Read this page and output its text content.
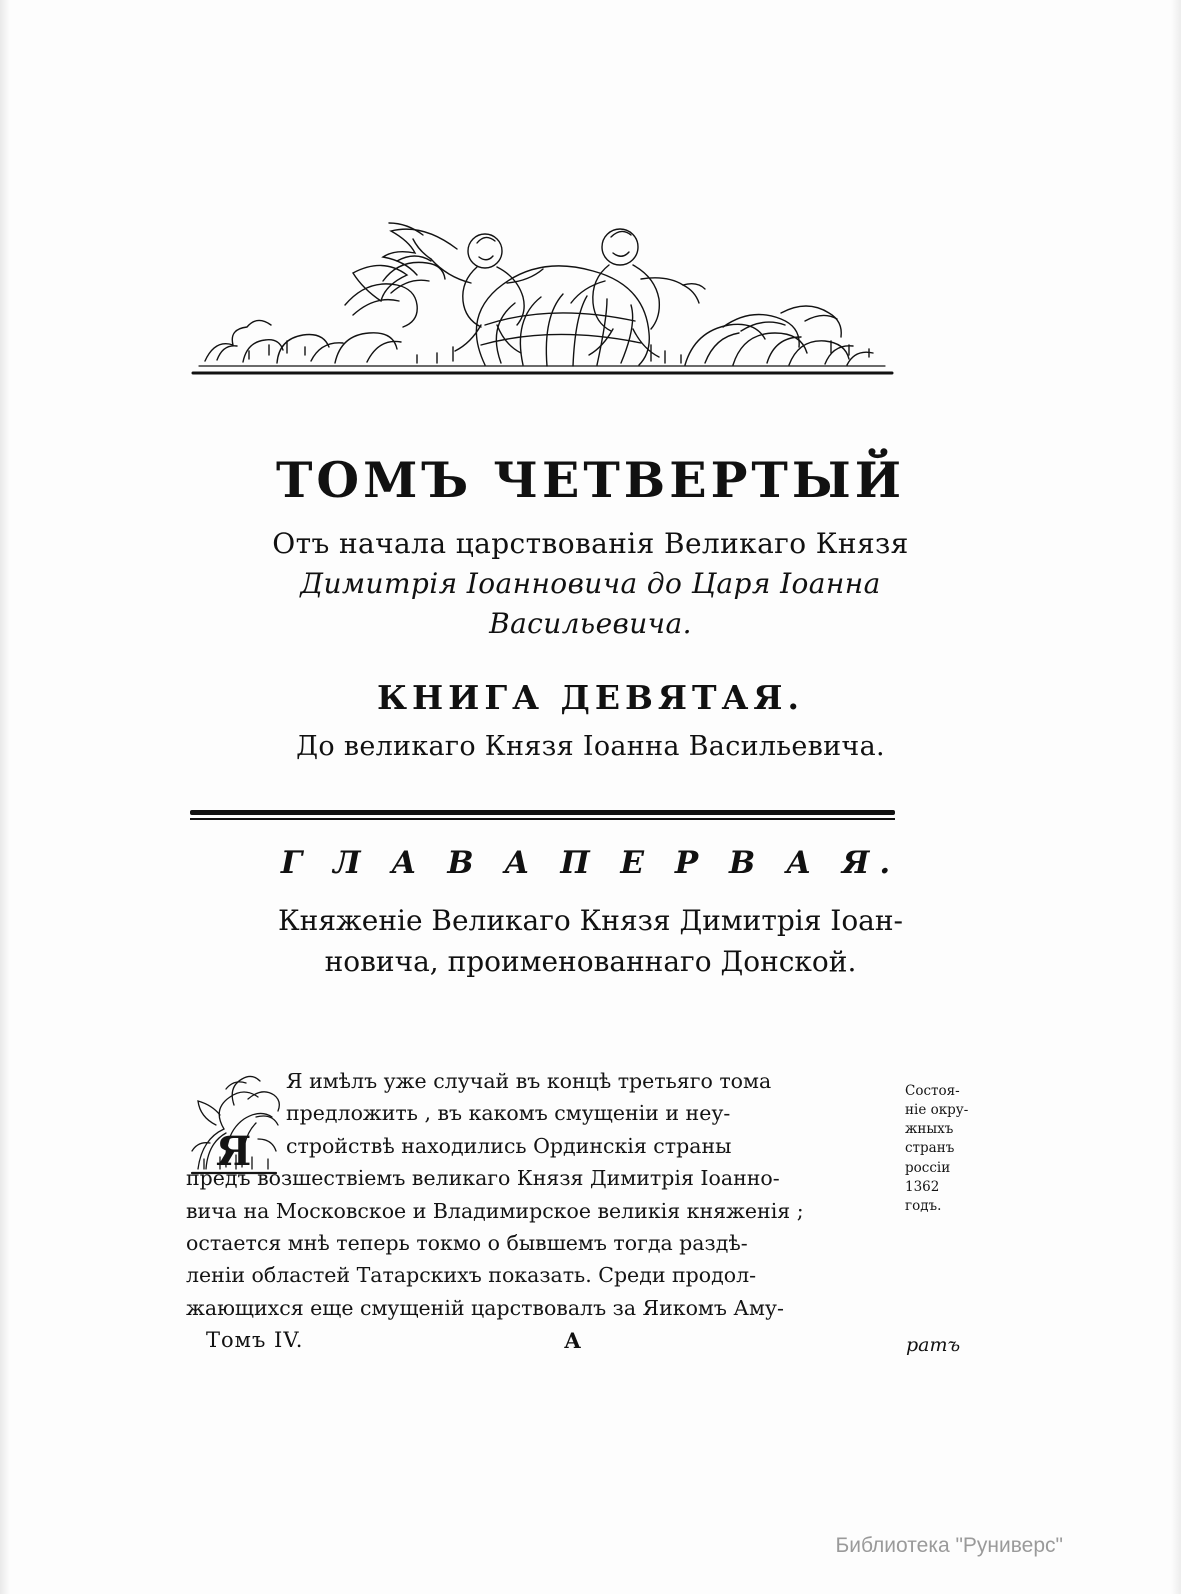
ТОМЪ ЧЕТВЕРТЫЙ
Отъ начала царствованія Великаго Князя
Димитрія Іоанновича до Царя Іоанна
Васильевича.
КНИГА ДЕВЯТАЯ.
До великаго Князя Іоанна Васильевича.
Г Л А В А П Е Р В А Я.
Княженіе Великаго Князя Димитрія Іоан-
новича, проименованнаго Донской.
Я
Я имѣлъ уже случай въ концѣ третьяго тома
предложить , въ какомъ смущеніи и неу-
стройствѣ находились Ординскія страны
предъ возшествіемъ великаго Князя Димитрія Іоанно-
вича на Московское и Владимирское великія княженія ;
остается мнѣ теперь токмо о бывшемъ тогда раздѣ-
леніи областей Татарскихъ показать. Среди продол-
жающихся еще смущеній царствовалъ за Яикомъ Аму-
Состоя-
ніе окру-
жныхъ
странъ
россіи
1362
годъ.
Томъ IV.	А	ратъ
Библиотека "Руниверс"
